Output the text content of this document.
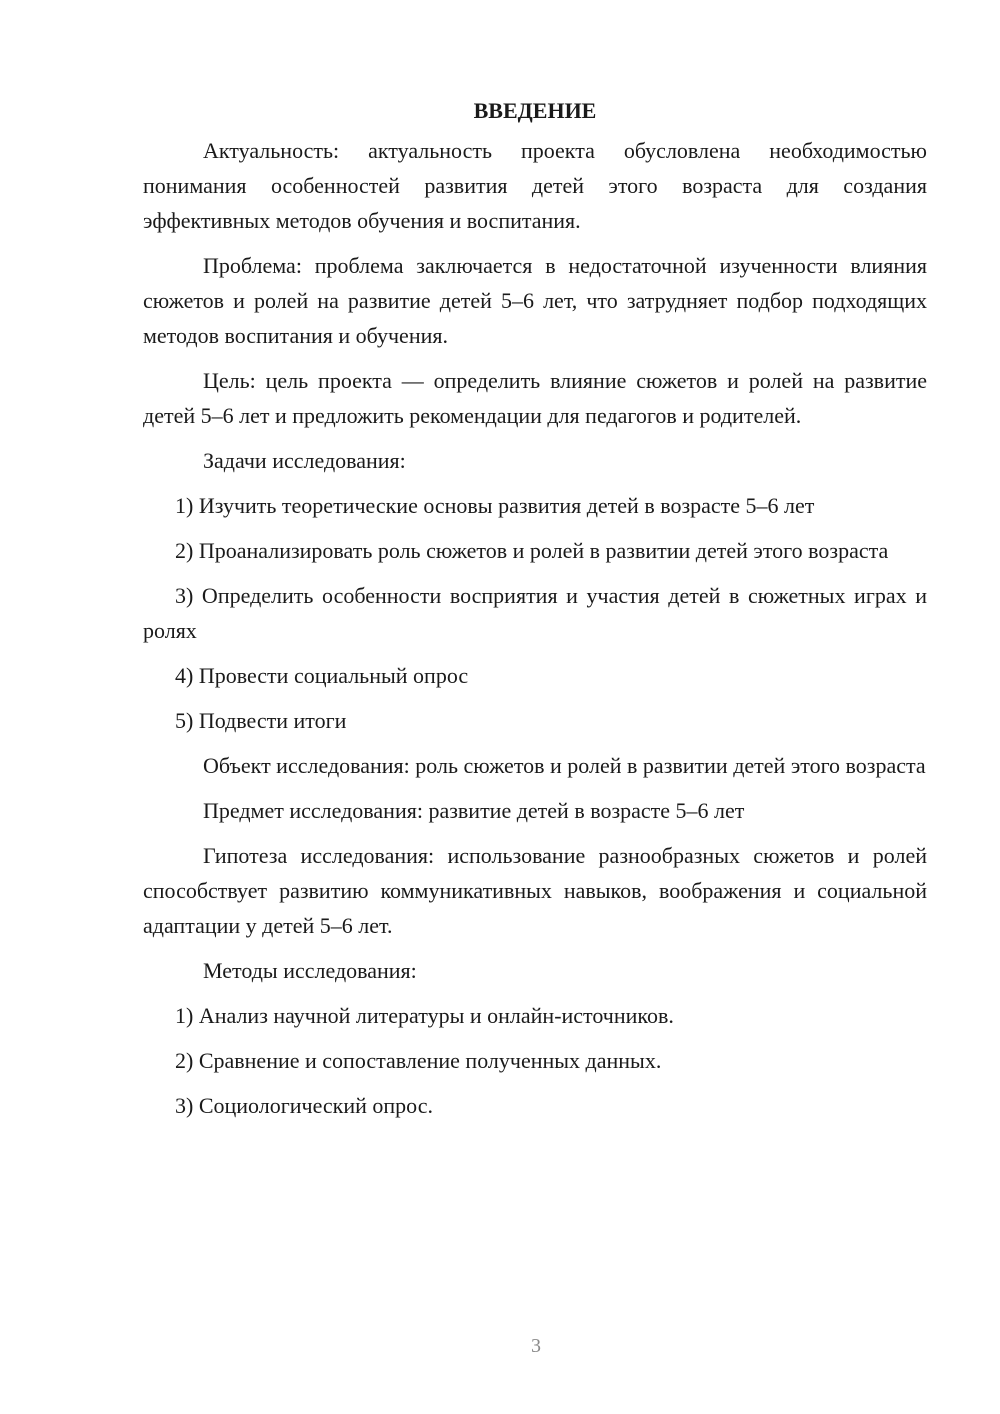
ВВЕДЕНИЕ

Актуальность: актуальность проекта обусловлена необходимостью понимания особенностей развития детей этого возраста для создания эффективных методов обучения и воспитания.

Проблема: проблема заключается в недостаточной изученности влияния сюжетов и ролей на развитие детей 5–6 лет, что затрудняет подбор подходящих методов воспитания и обучения.

Цель: цель проекта — определить влияние сюжетов и ролей на развитие детей 5–6 лет и предложить рекомендации для педагогов и родителей.

Задачи исследования:

1) Изучить теоретические основы развития детей в возрасте 5–6 лет

2) Проанализировать роль сюжетов и ролей в развитии детей этого возраста

3) Определить особенности восприятия и участия детей в сюжетных играх и ролях

4) Провести социальный опрос

5) Подвести итоги

Объект исследования: роль сюжетов и ролей в развитии детей этого возраста

Предмет исследования: развитие детей в возрасте 5–6 лет

Гипотеза исследования: использование разнообразных сюжетов и ролей способствует развитию коммуникативных навыков, воображения и социальной адаптации у детей 5–6 лет.

Методы исследования:

1) Анализ научной литературы и онлайн-источников.

2) Сравнение и сопоставление полученных данных.

3) Социологический опрос.

3
